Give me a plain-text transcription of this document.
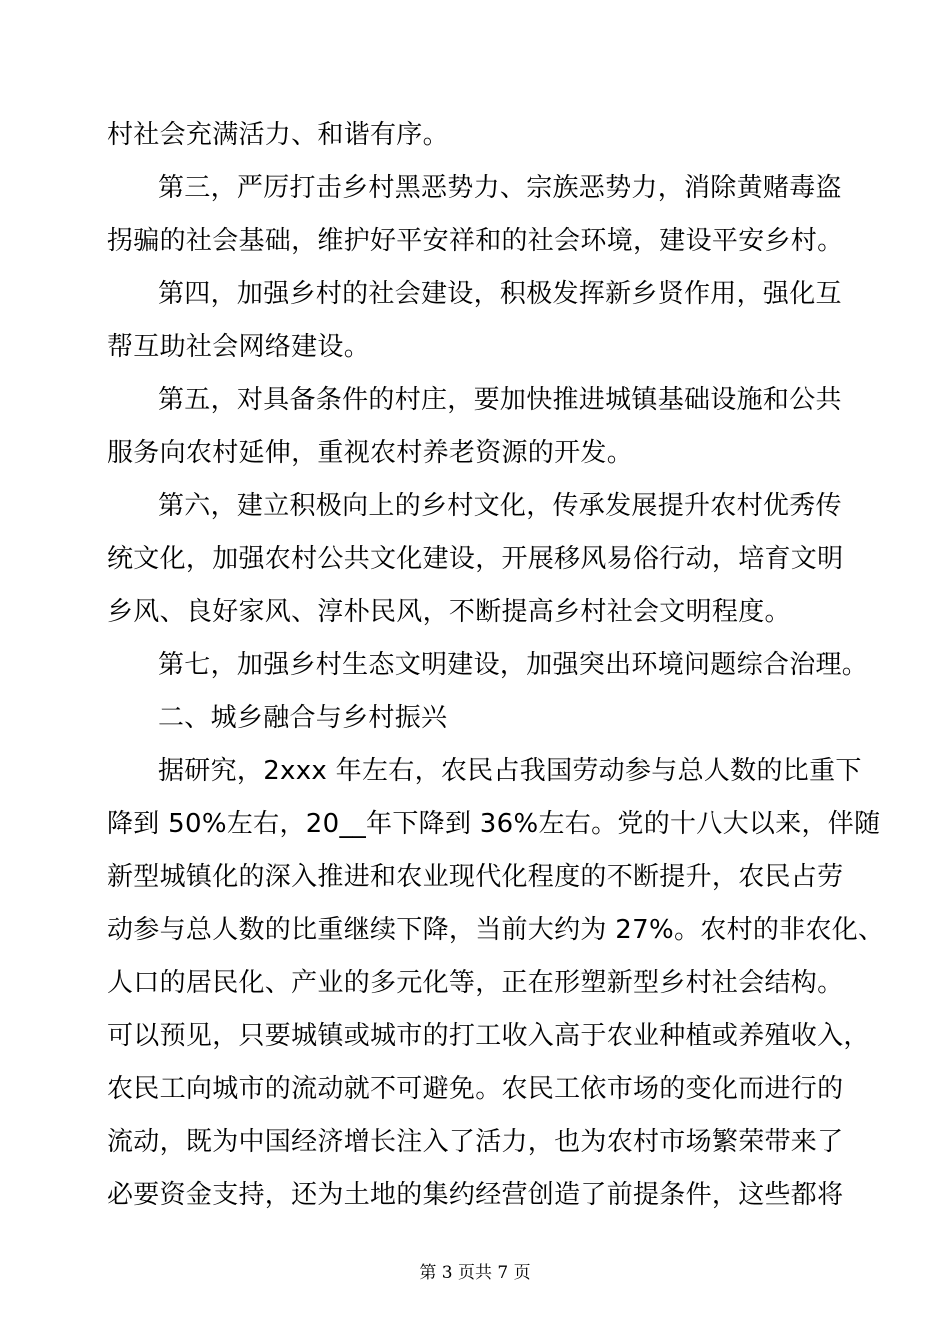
村社会充满活力、和谐有序。
第三，严厉打击乡村黑恶势力、宗族恶势力，消除黄赌毒盗
拐骗的社会基础，维护好平安祥和的社会环境，建设平安乡村。
第四，加强乡村的社会建设，积极发挥新乡贤作用，强化互
帮互助社会网络建设。
第五，对具备条件的村庄，要加快推进城镇基础设施和公共
服务向农村延伸，重视农村养老资源的开发。
第六，建立积极向上的乡村文化，传承发展提升农村优秀传
统文化，加强农村公共文化建设，开展移风易俗行动，培育文明
乡风、良好家风、淳朴民风，不断提高乡村社会文明程度。
第七，加强乡村生态文明建设，加强突出环境问题综合治理。
二、城乡融合与乡村振兴
据研究，2xxx 年左右，农民占我国劳动参与总人数的比重下
降到 50%左右，20__年下降到 36%左右。党的十八大以来，伴随
新型城镇化的深入推进和农业现代化程度的不断提升，农民占劳
动参与总人数的比重继续下降，当前大约为 27%。农村的非农化、
人口的居民化、产业的多元化等，正在形塑新型乡村社会结构。
可以预见，只要城镇或城市的打工收入高于农业种植或养殖收入，
农民工向城市的流动就不可避免。农民工依市场的变化而进行的
流动，既为中国经济增长注入了活力，也为农村市场繁荣带来了
必要资金支持，还为土地的集约经营创造了前提条件，这些都将
第 3 页共 7 页
